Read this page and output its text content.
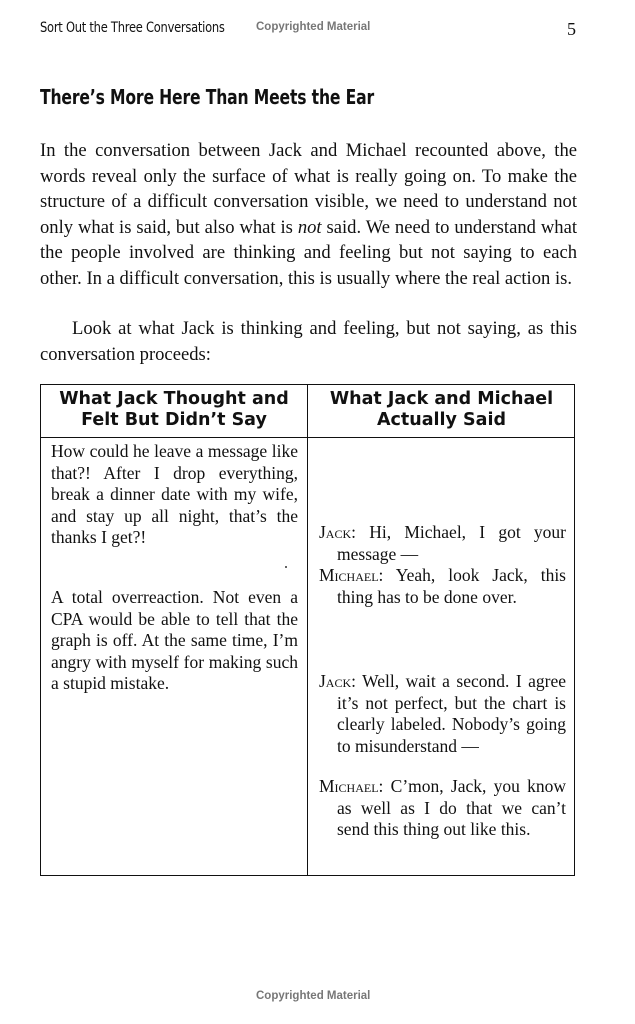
Sort Out the Three Conversations	Copyrighted Material	5
There’s More Here Than Meets the Ear

In the conversation between Jack and Michael recounted above, the words reveal only the surface of what is really going on. To make the structure of a difficult conversation visible, we need to understand not only what is said, but also what is not said. We need to understand what the people involved are thinking and feeling but not saying to each other. In a difficult conversation, this is usually where the real action is.

Look at what Jack is thinking and feeling, but not saying, as this conversation proceeds:

What Jack Thought and Felt But Didn’t Say
What Jack and Michael Actually Said

How could he leave a message like that?! After I drop everything, break a dinner date with my wife, and stay up all night, that’s the thanks I get?!

A total overreaction. Not even a CPA would be able to tell that the graph is off. At the same time, I’m angry with myself for making such a stupid mistake.

Jack: Hi, Michael, I got your message —

Michael: Yeah, look Jack, this thing has to be done over.

Jack: Well, wait a second. I agree it’s not perfect, but the chart is clearly labeled. Nobody’s going to misunderstand —

Michael: C’mon, Jack, you know as well as I do that we can’t send this thing out like this.

Copyrighted Material
